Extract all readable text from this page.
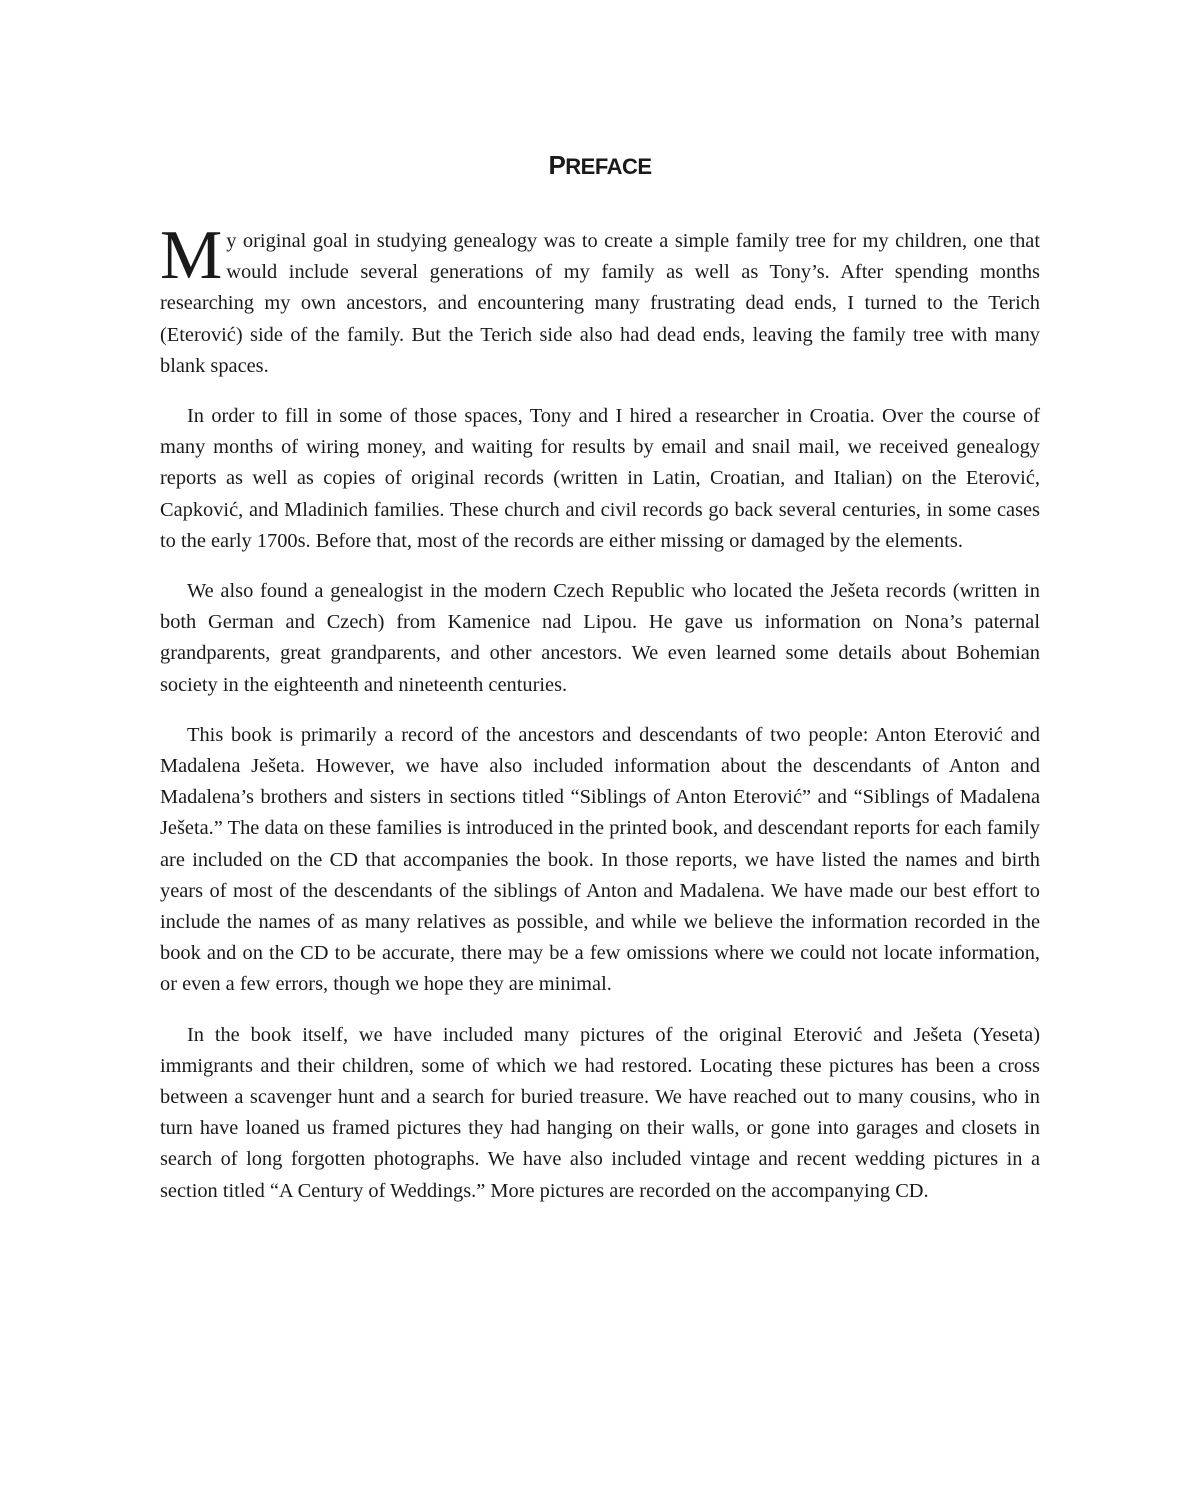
PREFACE

My original goal in studying genealogy was to create a simple family tree for my children, one that would include several generations of my family as well as Tony’s. After spending months researching my own ancestors, and encountering many frustrating dead ends, I turned to the Terich (Eterović) side of the family. But the Terich side also had dead ends, leaving the family tree with many blank spaces.

In order to fill in some of those spaces, Tony and I hired a researcher in Croatia. Over the course of many months of wiring money, and waiting for results by email and snail mail, we received genealogy reports as well as copies of original records (written in Latin, Croatian, and Italian) on the Eterović, Capković, and Mladinich families. These church and civil records go back several centuries, in some cases to the early 1700s. Before that, most of the records are either missing or damaged by the elements.

We also found a genealogist in the modern Czech Republic who located the Ješeta records (written in both German and Czech) from Kamenice nad Lipou. He gave us information on Nona’s paternal grandparents, great grandparents, and other ancestors. We even learned some details about Bohemian society in the eighteenth and nineteenth centuries.

This book is primarily a record of the ancestors and descendants of two people: Anton Eterović and Madalena Ješeta. However, we have also included information about the descendants of Anton and Madalena’s brothers and sisters in sections titled “Siblings of Anton Eterović” and “Siblings of Madalena Ješeta.” The data on these families is introduced in the printed book, and descendant reports for each family are included on the CD that accompanies the book. In those reports, we have listed the names and birth years of most of the descendants of the siblings of Anton and Madalena. We have made our best effort to include the names of as many relatives as possible, and while we believe the information recorded in the book and on the CD to be accurate, there may be a few omissions where we could not locate information, or even a few errors, though we hope they are minimal.

In the book itself, we have included many pictures of the original Eterović and Ješeta (Yeseta) immigrants and their children, some of which we had restored. Locating these pictures has been a cross between a scavenger hunt and a search for buried treasure. We have reached out to many cousins, who in turn have loaned us framed pictures they had hanging on their walls, or gone into garages and closets in search of long forgotten photographs. We have also included vintage and recent wedding pictures in a section titled “A Century of Weddings.” More pictures are recorded on the accompanying CD.
